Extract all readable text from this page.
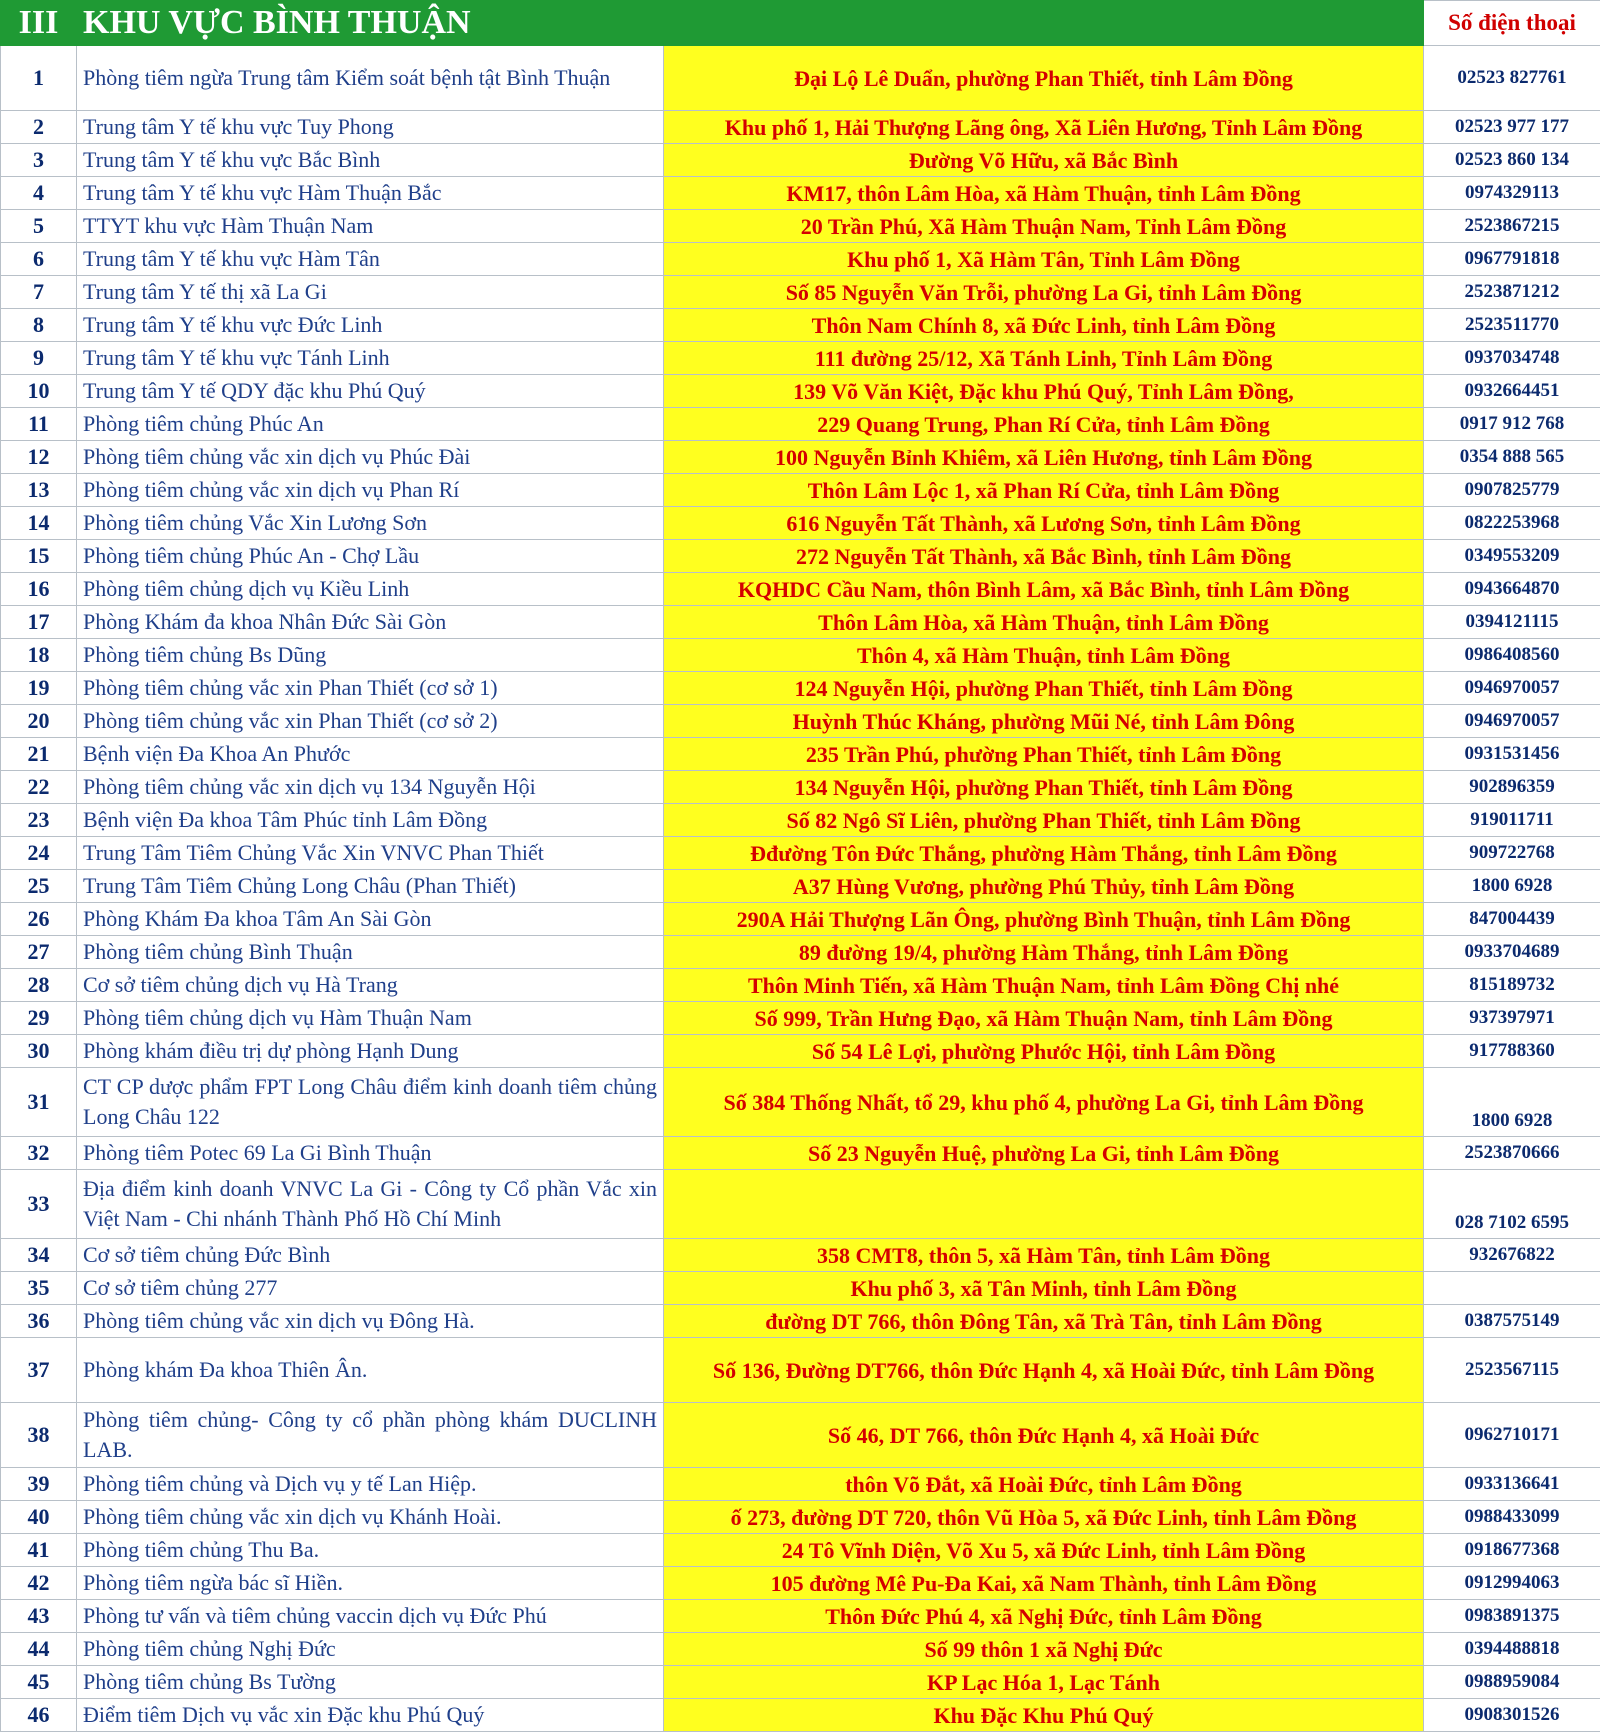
III	KHU VỰC BÌNH THUẬN		Số điện thoại
1	Phòng tiêm ngừa Trung tâm Kiểm soát bệnh tật Bình Thuận	Đại Lộ Lê Duẩn, phường Phan Thiết, tỉnh Lâm Đồng	02523 827761
2	Trung tâm Y tế khu vực Tuy Phong	Khu phố 1, Hải Thượng Lãng ông, Xã Liên Hương, Tỉnh Lâm Đồng	02523 977 177
3	Trung tâm Y tế khu vực Bắc Bình	Đường Võ Hữu, xã Bắc Bình	02523 860 134
4	Trung tâm Y tế khu vực Hàm Thuận Bắc	KM17, thôn Lâm Hòa, xã Hàm Thuận, tỉnh Lâm Đồng	0974329113
5	TTYT khu vực Hàm Thuận Nam	20 Trần Phú, Xã Hàm Thuận Nam, Tỉnh Lâm Đồng	2523867215
6	Trung tâm Y tế khu vực Hàm Tân	Khu phố 1, Xã Hàm Tân, Tỉnh Lâm Đồng	0967791818
7	Trung tâm Y tế thị xã La Gi	Số 85 Nguyễn Văn Trỗi, phường La Gi, tỉnh Lâm Đồng	2523871212
8	Trung tâm Y tế khu vực Đức Linh	Thôn Nam Chính 8, xã Đức Linh, tỉnh Lâm Đồng	2523511770
9	Trung tâm Y tế khu vực Tánh Linh	111 đường 25/12, Xã Tánh Linh, Tỉnh Lâm Đồng	0937034748
10	Trung tâm Y tế QDY đặc khu Phú Quý	139 Võ Văn Kiệt, Đặc khu Phú Quý, Tỉnh Lâm Đồng,	0932664451
11	Phòng tiêm chủng Phúc An	229 Quang Trung, Phan Rí Cửa, tỉnh Lâm Đồng	0917 912 768
12	Phòng tiêm chủng vắc xin dịch vụ Phúc Đài	100 Nguyễn Bỉnh Khiêm, xã Liên Hương, tỉnh Lâm Đồng	0354 888 565
13	Phòng tiêm chủng vắc xin dịch vụ Phan Rí	Thôn Lâm Lộc 1, xã Phan Rí Cửa, tỉnh Lâm Đồng	0907825779
14	Phòng tiêm chủng Vắc Xin Lương Sơn	616 Nguyễn Tất Thành, xã Lương Sơn, tỉnh Lâm Đồng	0822253968
15	Phòng tiêm chủng Phúc An - Chợ Lầu	272 Nguyễn Tất Thành, xã Bắc Bình, tỉnh Lâm Đồng	0349553209
16	Phòng tiêm chủng dịch vụ Kiều Linh	KQHDC Cầu Nam, thôn Bình Lâm, xã Bắc Bình, tỉnh Lâm Đồng	0943664870
17	Phòng Khám đa khoa Nhân Đức Sài Gòn	Thôn Lâm Hòa, xã Hàm Thuận, tỉnh Lâm Đồng	0394121115
18	Phòng tiêm chủng Bs Dũng	Thôn 4, xã Hàm Thuận, tỉnh Lâm Đồng	0986408560
19	Phòng tiêm chủng vắc xin Phan Thiết (cơ sở 1)	124 Nguyễn Hội, phường Phan Thiết, tỉnh Lâm Đồng	0946970057
20	Phòng tiêm chủng vắc xin Phan Thiết (cơ sở 2)	Huỳnh Thúc Kháng, phường Mũi Né, tỉnh Lâm Đông	0946970057
21	Bệnh viện Đa Khoa An Phước	235 Trần Phú, phường Phan Thiết, tỉnh Lâm Đồng	0931531456
22	Phòng tiêm chủng vắc xin dịch vụ 134 Nguyễn Hội	134 Nguyễn Hội, phường Phan Thiết, tỉnh Lâm Đồng	902896359
23	Bệnh viện Đa khoa Tâm Phúc tỉnh Lâm Đồng	Số 82 Ngô Sĩ Liên, phường Phan Thiết, tỉnh Lâm Đồng	919011711
24	Trung Tâm Tiêm Chủng Vắc Xin VNVC Phan Thiết	Đđường Tôn Đức Thắng, phường Hàm Thắng, tỉnh Lâm Đồng	909722768
25	Trung Tâm Tiêm Chủng Long Châu (Phan Thiết)	A37 Hùng Vương, phường Phú Thủy, tỉnh Lâm Đồng	1800 6928
26	Phòng Khám Đa khoa Tâm An Sài Gòn	290A Hải Thượng Lãn Ông, phường Bình Thuận, tỉnh Lâm Đồng	847004439
27	Phòng tiêm chủng Bình Thuận	89 đường 19/4, phường Hàm Thắng, tỉnh Lâm Đồng	0933704689
28	Cơ sở tiêm chủng dịch vụ Hà Trang	Thôn Minh Tiến, xã Hàm Thuận Nam, tỉnh Lâm Đồng Chị nhé	815189732
29	Phòng tiêm chủng dịch vụ Hàm Thuận Nam	Số 999, Trần Hưng Đạo, xã Hàm Thuận Nam, tỉnh Lâm Đồng	937397971
30	Phòng khám điều trị dự phòng Hạnh Dung	Số 54 Lê Lợi, phường Phước Hội, tỉnh Lâm Đồng	917788360
31	CT CP dược phẩm FPT Long Châu điểm kinh doanh tiêm chủng Long Châu 122	Số 384 Thống Nhất, tổ 29, khu phố 4, phường La Gi, tỉnh Lâm Đồng	1800 6928
32	Phòng tiêm Potec 69 La Gi Bình Thuận	Số 23 Nguyễn Huệ, phường La Gi, tỉnh Lâm Đồng	2523870666
33	Địa điểm kinh doanh VNVC La Gi - Công ty Cổ phần Vắc xin Việt Nam - Chi nhánh Thành Phố Hồ Chí Minh		028 7102 6595
34	Cơ sở tiêm chủng Đức Bình	358 CMT8, thôn 5, xã Hàm Tân, tỉnh Lâm Đồng	932676822
35	Cơ sở tiêm chủng 277	Khu phố 3, xã Tân Minh, tỉnh Lâm Đồng	
36	Phòng tiêm chủng vắc xin dịch vụ Đông Hà.	đường DT 766, thôn Đông Tân, xã Trà Tân, tỉnh Lâm Đồng	0387575149
37	Phòng khám Đa khoa Thiên Ân.	Số 136, Đường DT766, thôn Đức Hạnh 4, xã Hoài Đức, tỉnh Lâm Đồng	2523567115
38	Phòng tiêm chủng- Công ty cổ phần phòng khám DUCLINH LAB.	Số 46, DT 766, thôn Đức Hạnh 4, xã Hoài Đức	0962710171
39	Phòng tiêm chủng và Dịch vụ y tế Lan Hiệp.	thôn Võ Đắt, xã Hoài Đức, tỉnh Lâm Đồng	0933136641
40	Phòng tiêm chủng vắc xin dịch vụ Khánh Hoài.	ố 273, đường DT 720, thôn Vũ Hòa 5, xã Đức Linh, tỉnh Lâm Đồng	0988433099
41	Phòng tiêm chủng Thu Ba.	24 Tô Vĩnh Diện, Võ Xu 5, xã Đức Linh, tỉnh Lâm Đồng	0918677368
42	Phòng tiêm ngừa bác sĩ Hiền.	105 đường Mê Pu-Đa Kai, xã Nam Thành, tỉnh Lâm Đồng	0912994063
43	Phòng tư vấn và tiêm chủng vaccin dịch vụ Đức Phú	Thôn Đức Phú 4, xã Nghị Đức, tỉnh Lâm Đồng	0983891375
44	Phòng tiêm chủng Nghị Đức	Số 99 thôn 1 xã Nghị Đức	0394488818
45	Phòng tiêm chủng Bs Tường	KP Lạc Hóa 1, Lạc Tánh	0988959084
46	Điểm tiêm Dịch vụ vắc xin Đặc khu Phú Quý	Khu Đặc Khu Phú Quý	0908301526
